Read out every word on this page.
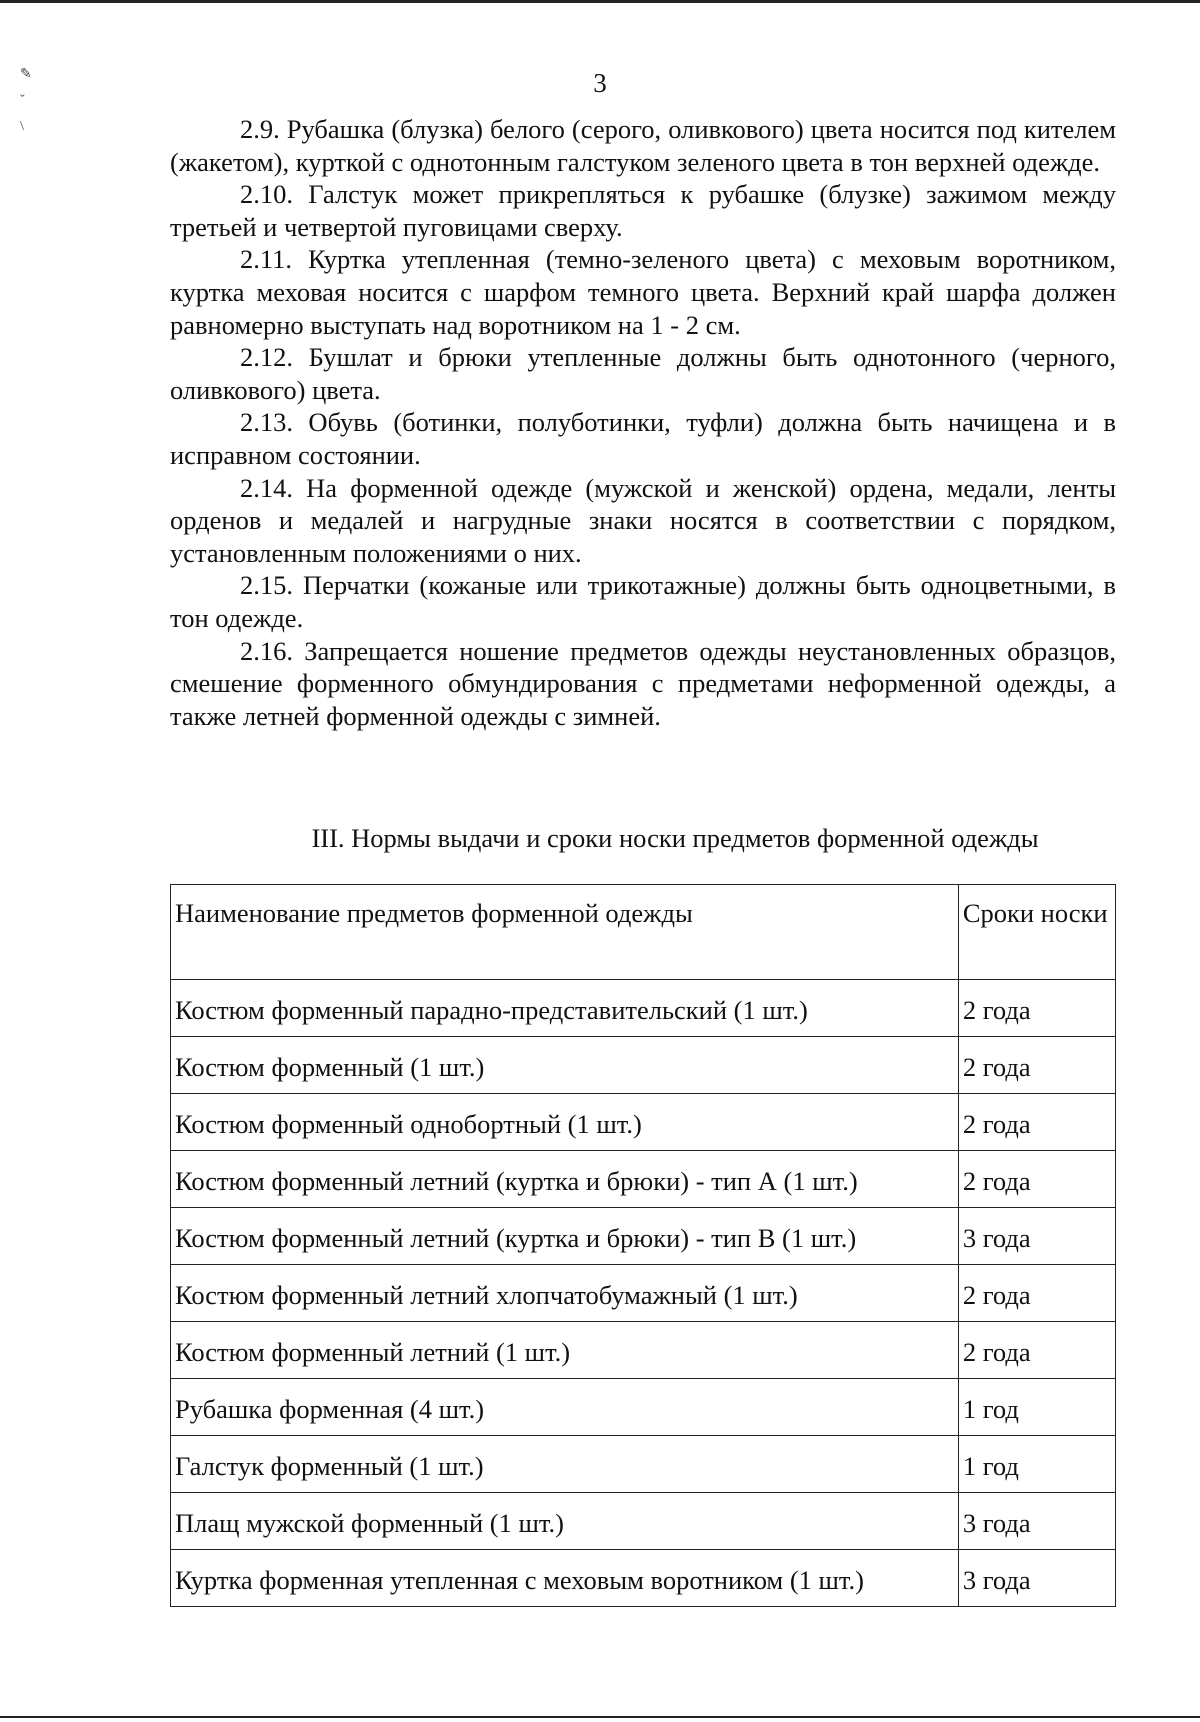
✎
ˇ
\
3

2.9. Рубашка (блузка) белого (серого, оливкового) цвета носится под кителем (жакетом), курткой с однотонным галстуком зеленого цвета в тон верхней одежде.

2.10. Галстук может прикрепляться к рубашке (блузке) зажимом между третьей и четвертой пуговицами сверху.

2.11. Куртка утепленная (темно-зеленого цвета) с меховым воротником, куртка меховая носится с шарфом темного цвета. Верхний край шарфа должен равномерно выступать над воротником на 1 - 2 см.

2.12. Бушлат и брюки утепленные должны быть однотонного (черного, оливкового) цвета.

2.13. Обувь (ботинки, полуботинки, туфли) должна быть начищена и в исправном состоянии.

2.14. На форменной одежде (мужской и женской) ордена, медали, ленты орденов и медалей и нагрудные знаки носятся в соответствии с порядком, установленным положениями о них.

2.15. Перчатки (кожаные или трикотажные) должны быть одноцветными, в тон одежде.

2.16. Запрещается ношение предметов одежды неустановленных образцов, смешение форменного обмундирования с предметами неформенной одежды, а также летней форменной одежды с зимней.

III. Нормы выдачи и сроки носки предметов форменной одежды
Наименование предметов форменной одежды	Сроки носки
Костюм форменный парадно-представительский (1 шт.)	2 года
Костюм форменный (1 шт.)	2 года
Костюм форменный однобортный (1 шт.)	2 года
Костюм форменный летний (куртка и брюки) - тип А (1 шт.)	2 года
Костюм форменный летний (куртка и брюки) - тип В (1 шт.)	3 года
Костюм форменный летний хлопчатобумажный (1 шт.)	2 года
Костюм форменный летний (1 шт.)	2 года
Рубашка форменная (4 шт.)	1 год
Галстук форменный (1 шт.)	1 год
Плащ мужской форменный (1 шт.)	3 года
Куртка форменная утепленная с меховым воротником (1 шт.)	3 года
